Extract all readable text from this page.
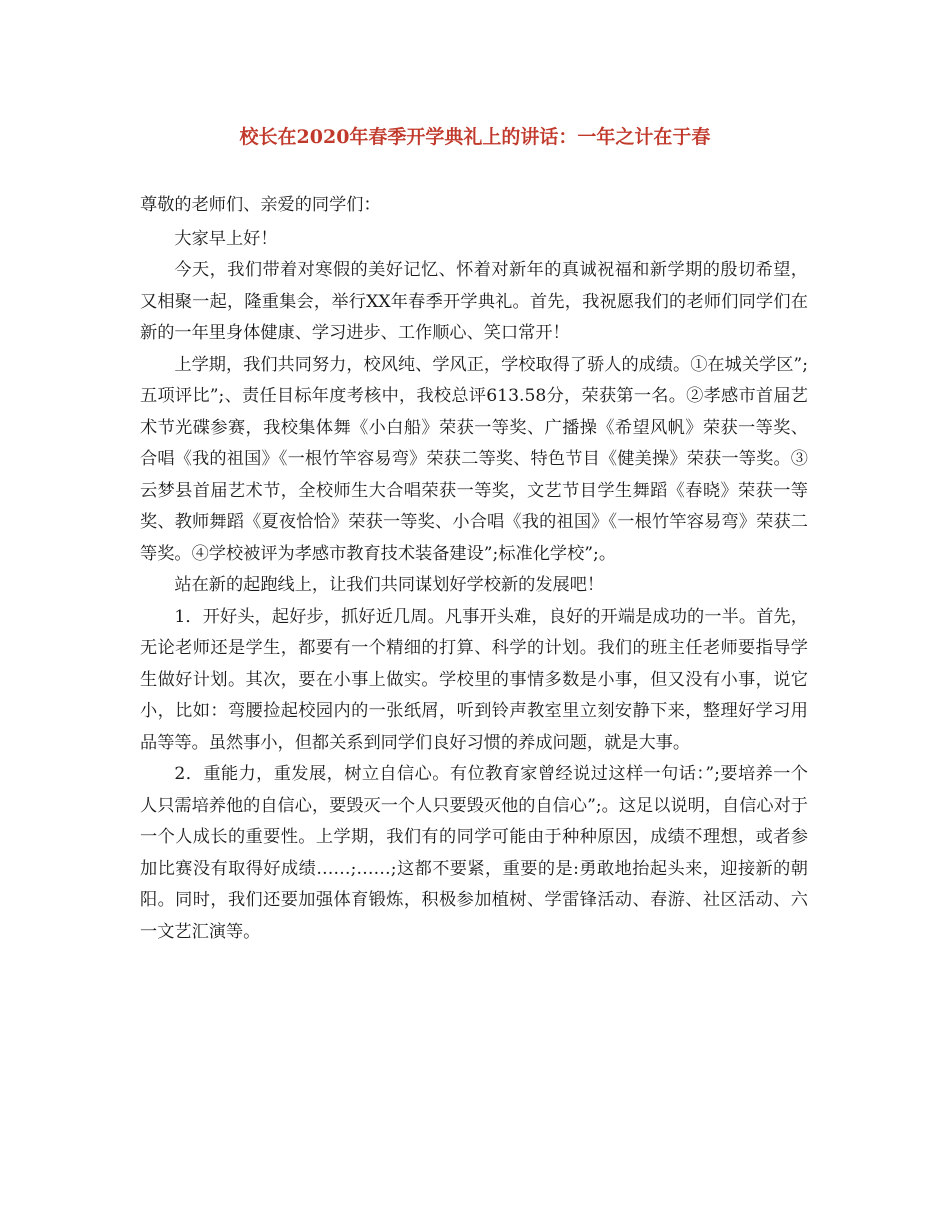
校长在2020年春季开学典礼上的讲话：一年之计在于春

尊敬的老师们、亲爱的同学们：

大家早上好！

今天，我们带着对寒假的美好记忆、怀着对新年的真诚祝福和新学期的殷切希望，又相聚一起，隆重集会，举行XX年春季开学典礼。首先，我祝愿我们的老师们同学们在新的一年里身体健康、学习进步、工作顺心、笑口常开！

上学期，我们共同努力，校风纯、学风正，学校取得了骄人的成绩。①在城关学区”;五项评比”;、责任目标年度考核中，我校总评613.58分，荣获第一名。②孝感市首届艺术节光碟参赛，我校集体舞《小白船》荣获一等奖、广播操《希望风帆》荣获一等奖、合唱《我的祖国》《一根竹竿容易弯》荣获二等奖、特色节目《健美操》荣获一等奖。③云梦县首届艺术节，全校师生大合唱荣获一等奖，文艺节目学生舞蹈《春晓》荣获一等奖、教师舞蹈《夏夜恰恰》荣获一等奖、小合唱《我的祖国》《一根竹竿容易弯》荣获二等奖。④学校被评为孝感市教育技术装备建设”;标准化学校”;。

站在新的起跑线上，让我们共同谋划好学校新的发展吧！

1．开好头，起好步，抓好近几周。凡事开头难，良好的开端是成功的一半。首先，无论老师还是学生，都要有一个精细的打算、科学的计划。我们的班主任老师要指导学生做好计划。其次，要在小事上做实。学校里的事情多数是小事，但又没有小事，说它小，比如：弯腰捡起校园内的一张纸屑，听到铃声教室里立刻安静下来，整理好学习用品等等。虽然事小，但都关系到同学们良好习惯的养成问题，就是大事。

2．重能力，重发展，树立自信心。有位教育家曾经说过这样一句话：”;要培养一个人只需培养他的自信心，要毁灭一个人只要毁灭他的自信心”;。这足以说明，自信心对于一个人成长的重要性。上学期，我们有的同学可能由于种种原因，成绩不理想，或者参加比赛没有取得好成绩……;……;这都不要紧，重要的是:勇敢地抬起头来，迎接新的朝阳。同时，我们还要加强体育锻炼，积极参加植树、学雷锋活动、春游、社区活动、六一文艺汇演等。
